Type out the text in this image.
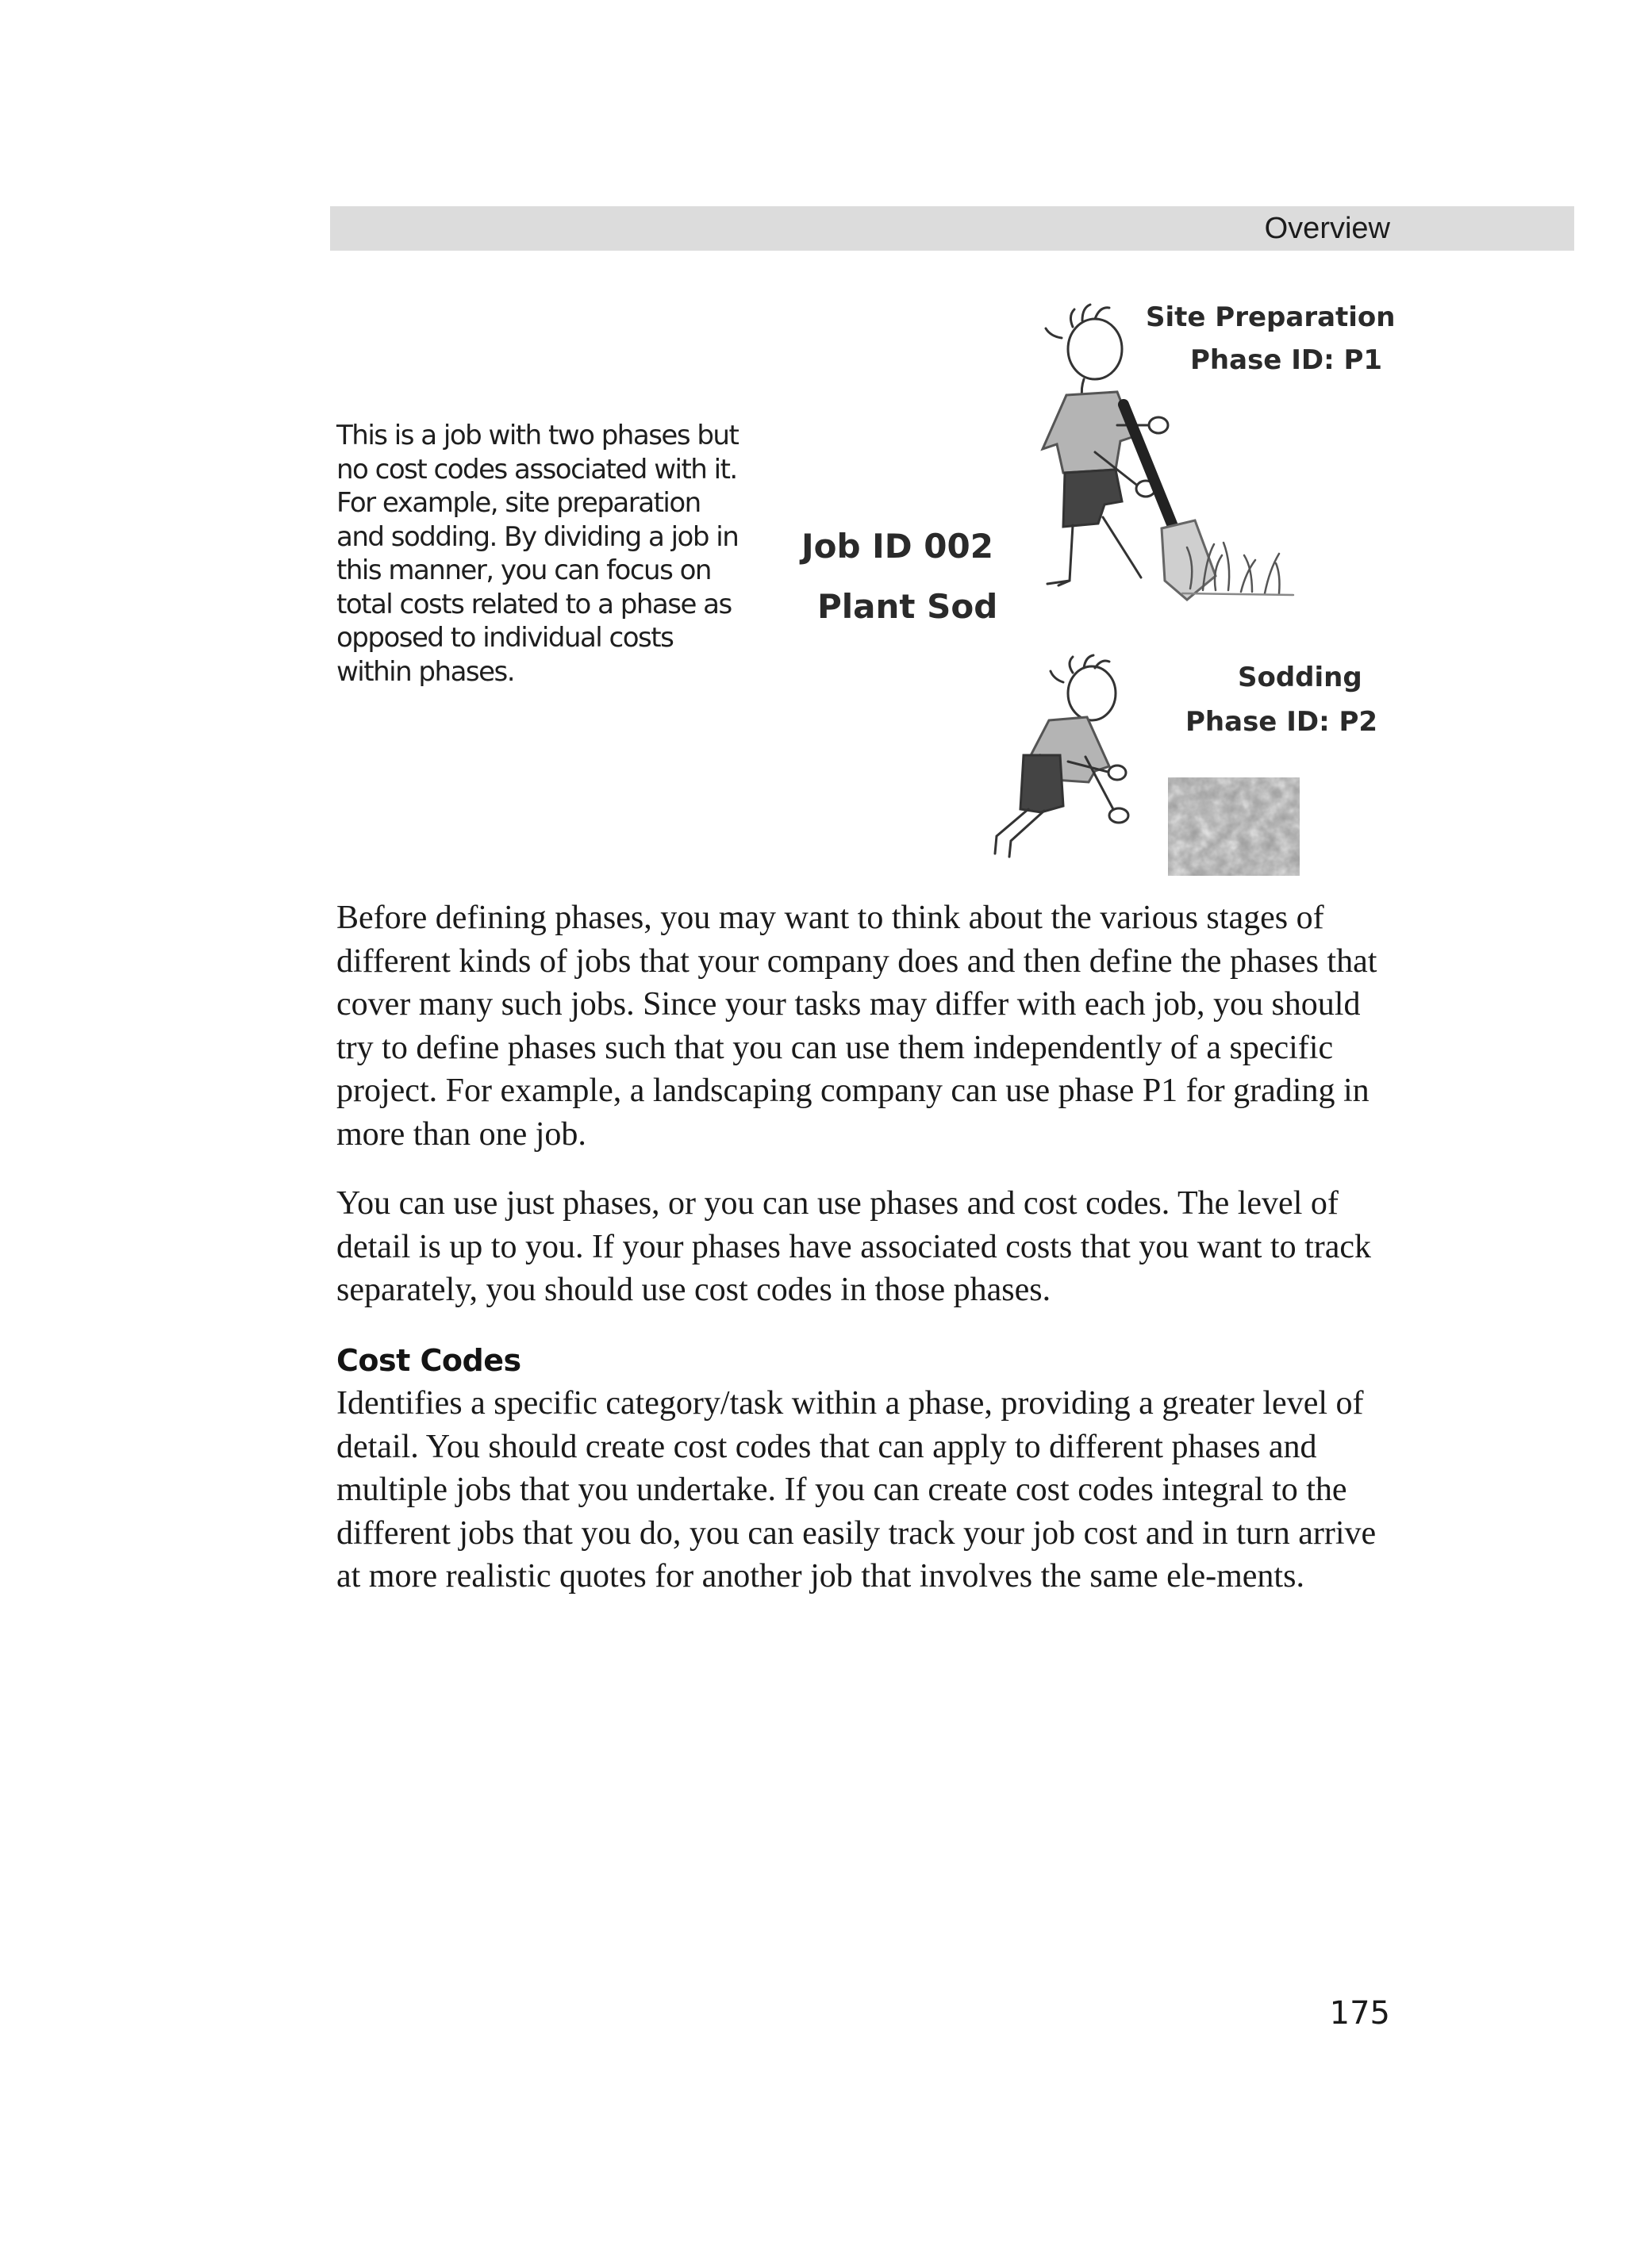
Overview
This is a job with two phases but no cost codes associated with it. For example, site preparation and sodding. By dividing a job in this manner, you can focus on total costs related to a phase as opposed to individual costs within phases.
Site Preparation
Phase ID: P1
Job ID 002
Plant Sod
Sodding
Phase ID: P2

Before defining phases, you may want to think about the various stages of different kinds of jobs that your company does and then define the phases that cover many such jobs. Since your tasks may differ with each job, you should try to define phases such that you can use them independently of a specific project. For example, a landscaping company can use phase P1 for grading in more than one job.

You can use just phases, or you can use phases and cost codes. The level of detail is up to you. If your phases have associated costs that you want to track separately, you should use cost codes in those phases.

Cost Codes

Identifies a specific category/task within a phase, providing a greater level of detail. You should create cost codes that can apply to different phases and multiple jobs that you undertake. If you can create cost codes integral to the different jobs that you do, you can easily track your job cost and in turn arrive at more realistic quotes for another job that involves the same ele-ments.

175
